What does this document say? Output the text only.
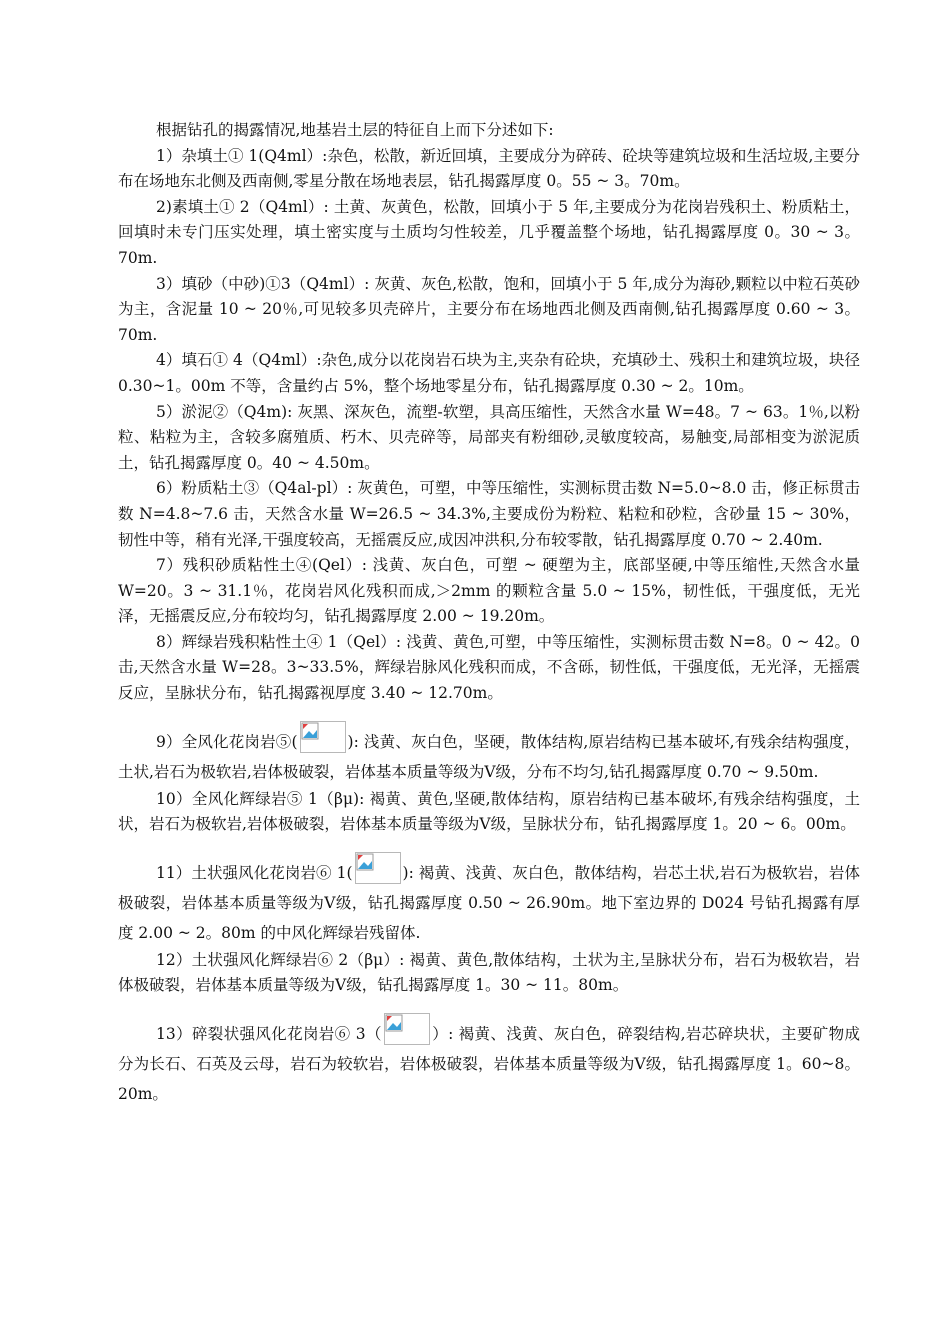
根据钻孔的揭露情况,地基岩土层的特征自上而下分述如下:

1）杂填土① 1(Q4ml）:杂色，松散，新近回填，主要成分为碎砖、砼块等建筑垃圾和生活垃圾,主要分布在场地东北侧及西南侧,零星分散在场地表层，钻孔揭露厚度 0。55 ~ 3。70m。

2)素填土① 2（Q4ml）: 土黄、灰黄色，松散，回填小于 5 年,主要成分为花岗岩残积土、粉质粘土，回填时未专门压实处理，填土密实度与土质均匀性较差，几乎覆盖整个场地，钻孔揭露厚度 0。30 ~ 3。70m.

3）填砂（中砂)①3（Q4ml）: 灰黄、灰色,松散，饱和，回填小于 5 年,成分为海砂,颗粒以中粒石英砂为主，含泥量 10 ~ 20％,可见较多贝壳碎片，主要分布在场地西北侧及西南侧,钻孔揭露厚度 0.60 ~ 3。70m.

4）填石① 4（Q4ml）:杂色,成分以花岗岩石块为主,夹杂有砼块，充填砂土、残积土和建筑垃圾，块径 0.30~1。00m 不等，含量约占 5%，整个场地零星分布，钻孔揭露厚度 0.30 ~ 2。10m。

5）淤泥②（Q4m): 灰黑、深灰色，流塑-软塑，具高压缩性，天然含水量 W=48。7 ~ 63。1％,以粉粒、粘粒为主，含较多腐殖质、朽木、贝壳碎等，局部夹有粉细砂,灵敏度较高，易触变,局部相变为淤泥质土，钻孔揭露厚度 0。40 ~ 4.50m。

6）粉质粘土③（Q4al-pl）: 灰黄色，可塑，中等压缩性，实测标贯击数 N=5.0~8.0 击，修正标贯击数 N=4.8~7.6 击，天然含水量 W=26.5 ~ 34.3%,主要成份为粉粒、粘粒和砂粒，含砂量 15 ~ 30%，韧性中等，稍有光泽,干强度较高，无摇震反应,成因冲洪积,分布较零散，钻孔揭露厚度 0.70 ~ 2.40m.

7）残积砂质粘性土④(Qel）: 浅黄、灰白色，可塑 ~ 硬塑为主，底部坚硬,中等压缩性,天然含水量 W=20。3 ~ 31.1％，花岗岩风化残积而成,＞2mm 的颗粒含量 5.0 ~ 15%，韧性低，干强度低，无光泽，无摇震反应,分布较均匀，钻孔揭露厚度 2.00 ~ 19.20m。

8）辉绿岩残积粘性土④ 1（Qel）: 浅黄、黄色,可塑，中等压缩性，实测标贯击数 N=8。0 ~ 42。0 击,天然含水量 W=28。3~33.5%，辉绿岩脉风化残积而成，不含砾，韧性低，干强度低，无光泽，无摇震反应，呈脉状分布，钻孔揭露视厚度 3.40 ~ 12.70m。

9）全风化花岗岩⑤(	): 浅黄、灰白色，坚硬，散体结构,原岩结构已基本破坏,有残余结构强度，土状,岩石为极软岩,岩体极破裂，岩体基本质量等级为Ⅴ级，分布不均匀,钻孔揭露厚度 0.70 ~ 9.50m.

10）全风化辉绿岩⑤ 1（βμ): 褐黄、黄色,坚硬,散体结构，原岩结构已基本破坏,有残余结构强度，土状，岩石为极软岩,岩体极破裂，岩体基本质量等级为Ⅴ级，呈脉状分布，钻孔揭露厚度 1。20 ~ 6。00m。

11）土状强风化花岗岩⑥ 1(	): 褐黄、浅黄、灰白色，散体结构，岩芯土状,岩石为极软岩，岩体极破裂，岩体基本质量等级为Ⅴ级，钻孔揭露厚度 0.50 ~ 26.90m。地下室边界的 D024 号钻孔揭露有厚度 2.00 ~ 2。80m 的中风化辉绿岩残留体.

12）土状强风化辉绿岩⑥ 2（βμ）: 褐黄、黄色,散体结构，土状为主,呈脉状分布，岩石为极软岩，岩体极破裂，岩体基本质量等级为Ⅴ级，钻孔揭露厚度 1。30 ~ 11。80m。

13）碎裂状强风化花岗岩⑥ 3（	）: 褐黄、浅黄、灰白色，碎裂结构,岩芯碎块状，主要矿物成分为长石、石英及云母，岩石为较软岩，岩体极破裂，岩体基本质量等级为Ⅴ级，钻孔揭露厚度 1。60~8。20m。
